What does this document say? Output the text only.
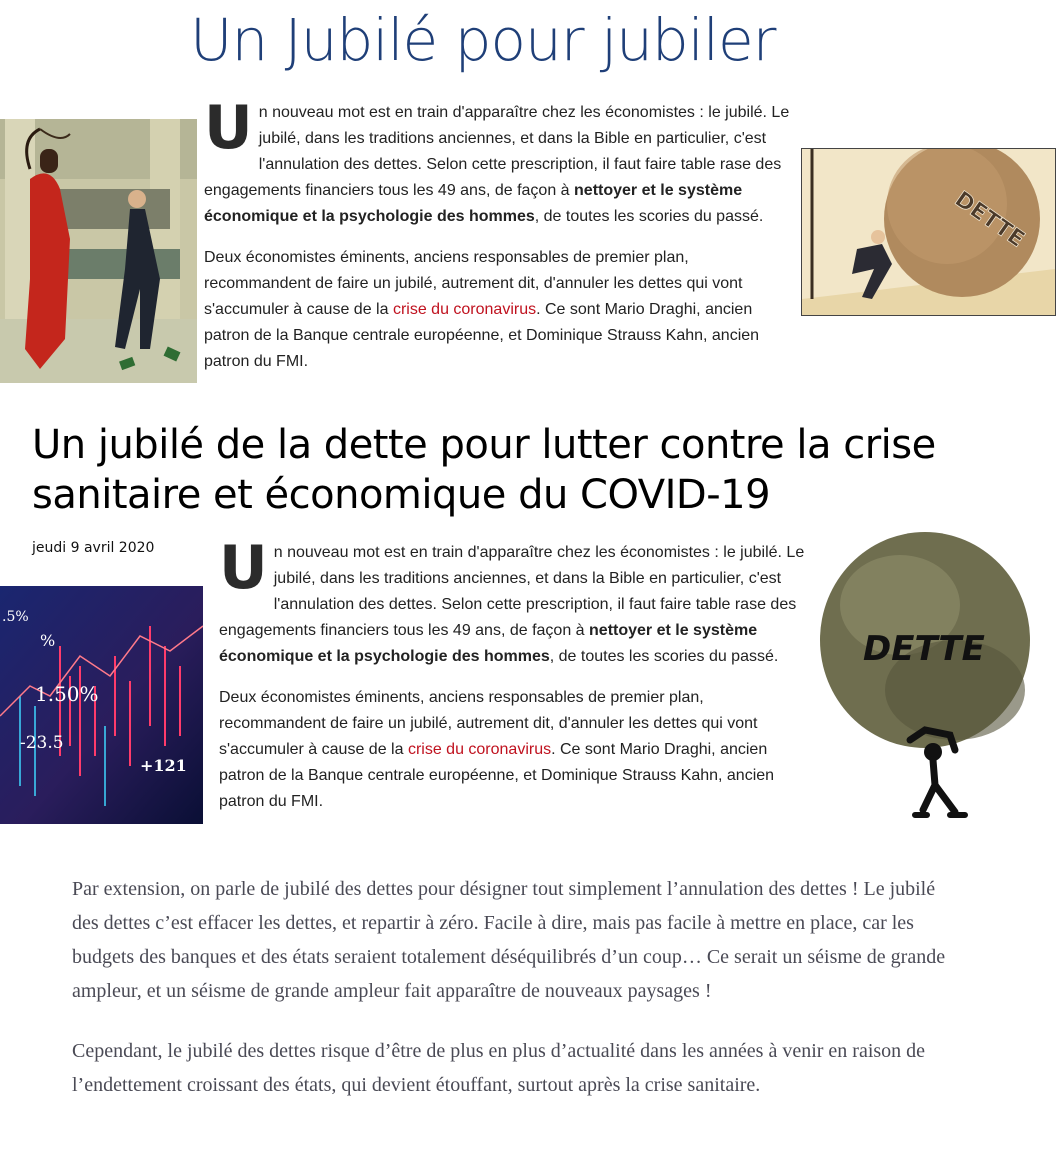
Un Jubilé pour jubiler

Un nouveau mot est en train d'apparaître chez les économistes : le jubilé. Le jubilé, dans les traditions anciennes, et dans la Bible en particulier, c'est l'annulation des dettes. Selon cette prescription, il faut faire table rase des engagements financiers tous les 49 ans, de façon à nettoyer et le système économique et la psychologie des hommes, de toutes les scories du passé.

Deux économistes éminents, anciens responsables de premier plan, recommandent de faire un jubilé, autrement dit, d'annuler les dettes qui vont s'accumuler à cause de la crise du coronavirus. Ce sont Mario Draghi, ancien patron de la Banque centrale européenne, et Dominique Strauss Kahn, ancien patron du FMI.

DETTE
Un jubilé de la dette pour lutter contre la crise sanitaire et économique du COVID-19
jeudi 9 avril 2020
.5%
%
1.50%
-23.5
+121

Un nouveau mot est en train d'apparaître chez les économistes : le jubilé. Le jubilé, dans les traditions anciennes, et dans la Bible en particulier, c'est l'annulation des dettes. Selon cette prescription, il faut faire table rase des engagements financiers tous les 49 ans, de façon à nettoyer et le système économique et la psychologie des hommes, de toutes les scories du passé.

Deux économistes éminents, anciens responsables de premier plan, recommandent de faire un jubilé, autrement dit, d'annuler les dettes qui vont s'accumuler à cause de la crise du coronavirus. Ce sont Mario Draghi, ancien patron de la Banque centrale européenne, et Dominique Strauss Kahn, ancien patron du FMI.

DETTE

Par extension, on parle de jubilé des dettes pour désigner tout simplement l’annulation des dettes ! Le jubilé des dettes c’est effacer les dettes, et repartir à zéro. Facile à dire, mais pas facile à mettre en place, car les budgets des banques et des états seraient totalement déséquilibrés d’un coup… Ce serait un séisme de grande ampleur, et un séisme de grande ampleur fait apparaître de nouveaux paysages !

Cependant, le jubilé des dettes risque d’être de plus en plus d’actualité dans les années à venir en raison de l’endettement croissant des états, qui devient étouffant, surtout après la crise sanitaire.
